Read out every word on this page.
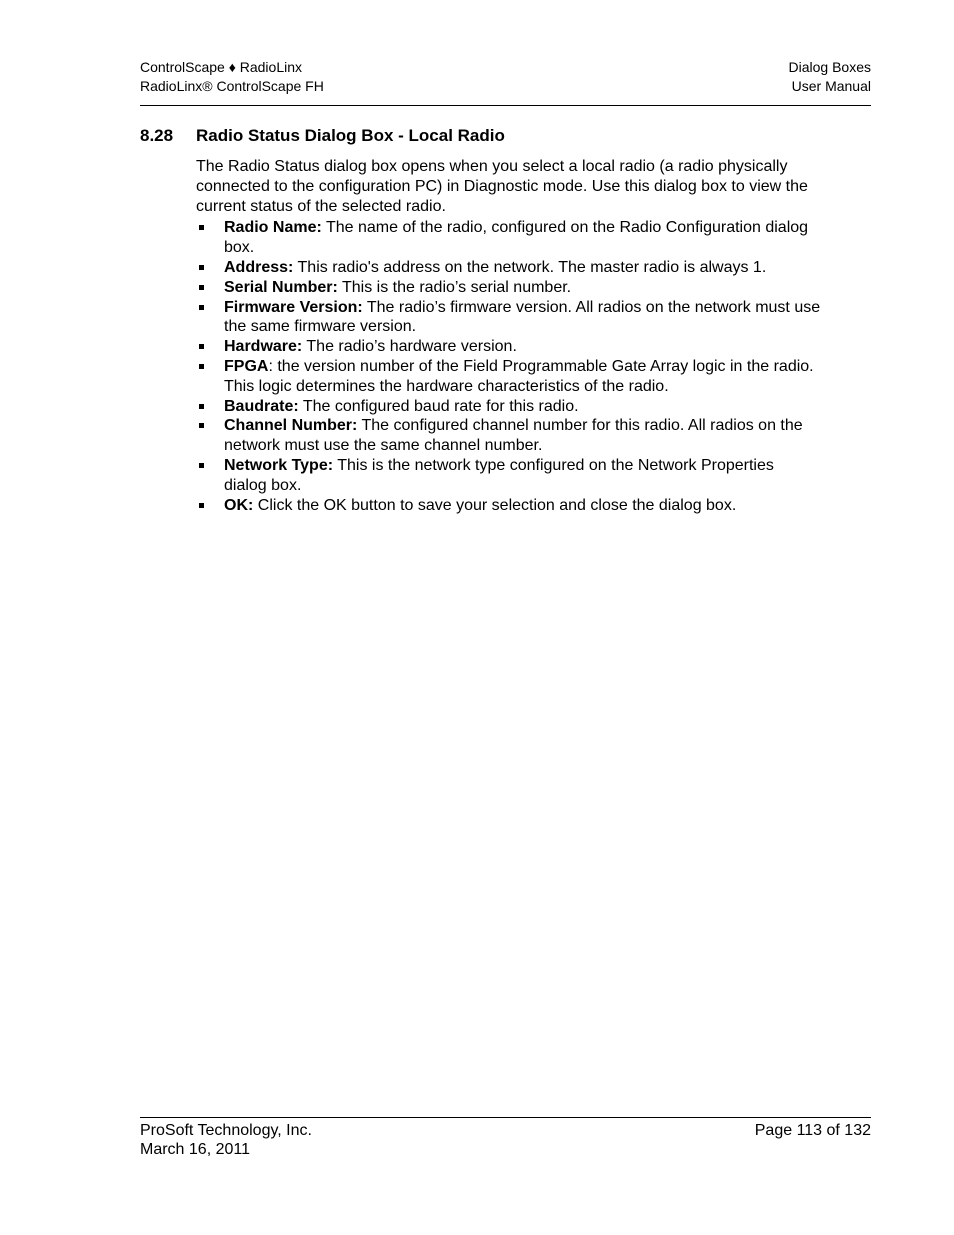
ControlScape ♦ RadioLinx
RadioLinx® ControlScape FH
Dialog Boxes
User Manual
8.28 Radio Status Dialog Box - Local Radio

The Radio Status dialog box opens when you select a local radio (a radio physically connected to the configuration PC) in Diagnostic mode. Use this dialog box to view the current status of the selected radio.

Radio Name: The name of the radio, configured on the Radio Configuration dialog box.
Address: This radio's address on the network. The master radio is always 1.
Serial Number: This is the radio’s serial number.
Firmware Version: The radio’s firmware version. All radios on the network must use the same firmware version.
Hardware: The radio’s hardware version.
FPGA: the version number of the Field Programmable Gate Array logic in the radio. This logic determines the hardware characteristics of the radio.
Baudrate: The configured baud rate for this radio.
Channel Number: The configured channel number for this radio. All radios on the network must use the same channel number.
Network Type: This is the network type configured on the Network Properties dialog box.
OK: Click the OK button to save your selection and close the dialog box.
ProSoft Technology, Inc.
March 16, 2011
Page 113 of 132
